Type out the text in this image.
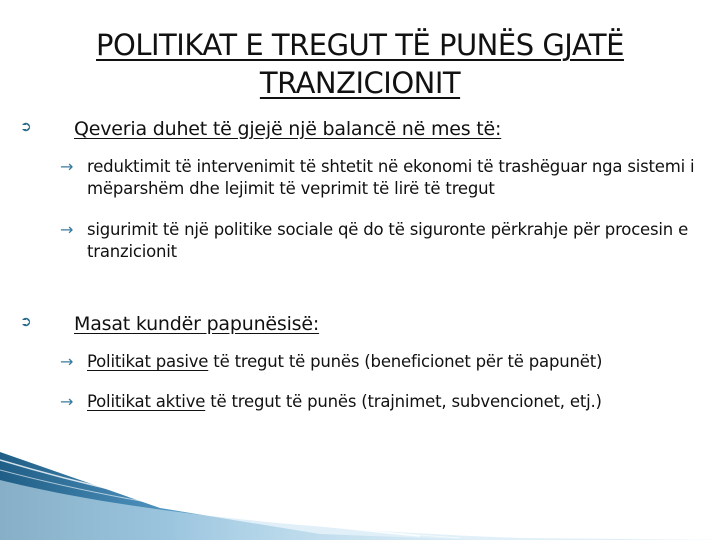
POLITIKAT E TREGUT TË PUNËS GJATË
TRANZICIONIT
➲ Qeveria duhet të gjejë një balancë në mes të:
→ reduktimit të intervenimit të shtetit në ekonomi të trashëguar nga sistemi i mëparshëm dhe lejimit të veprimit të lirë të tregut
→ sigurimit të një politike sociale që do të siguronte përkrahje për procesin e tranzicionit
➲ Masat kundër papunësisë:
→ Politikat pasive të tregut të punës (beneficionet për të papunët)
→ Politikat aktive të tregut të punës (trajnimet, subvencionet, etj.)
